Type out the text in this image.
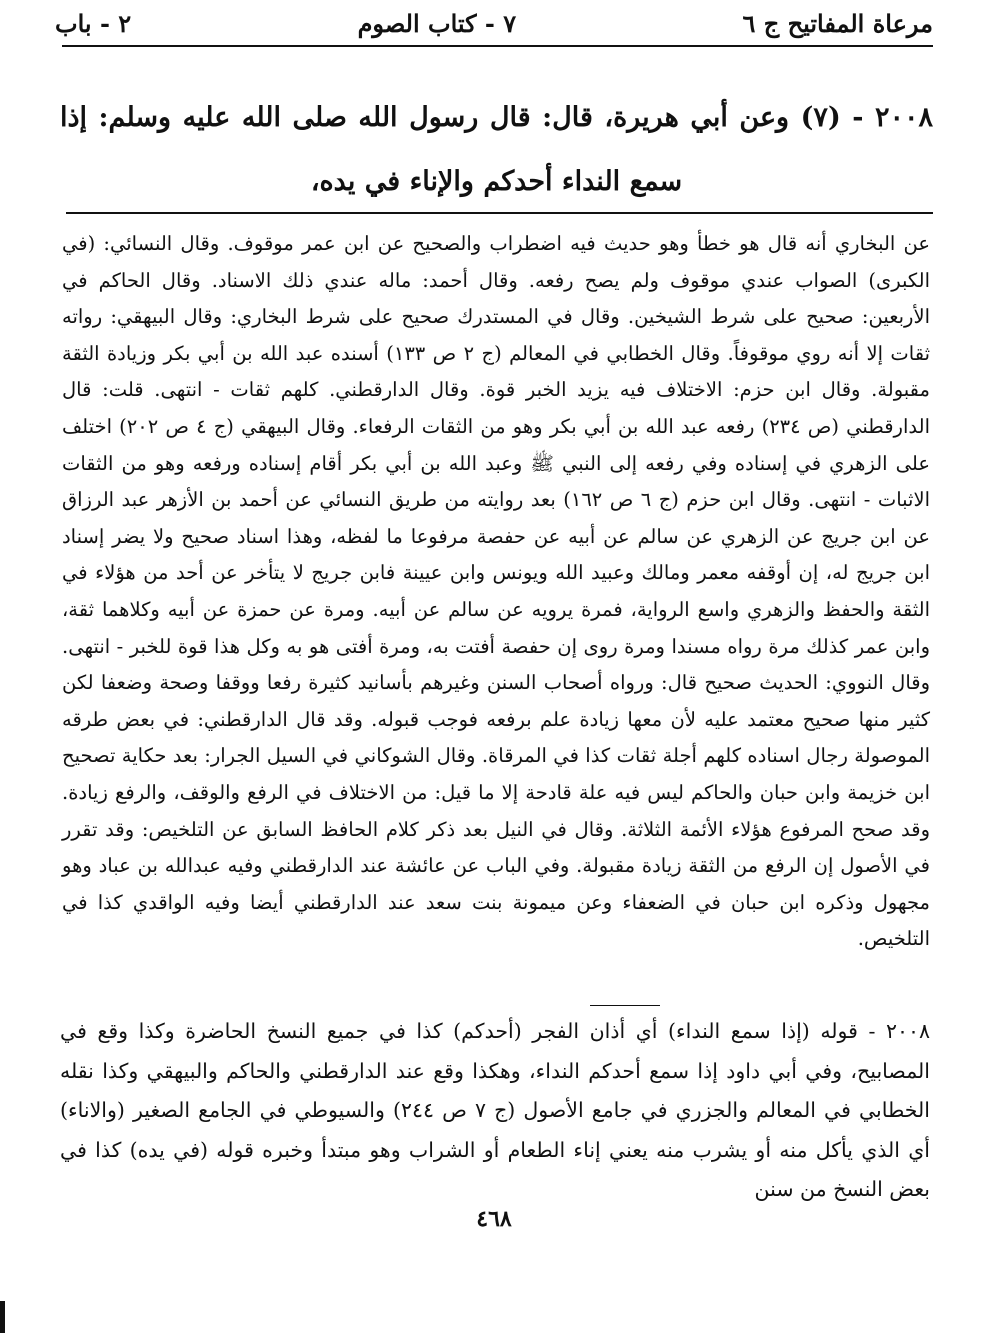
مرعاة المفاتيح ج ٦
٧ - كتاب الصوم
٢ - باب
٢٠٠٨ - (٧) وعن أبي هريرة، قال: قال رسول الله صلى الله عليه وسلم: إذا سمع النداء أحدكم والإناء في يده،

عن البخاري أنه قال هو خطأ وهو حديث فيه اضطراب والصحيح عن ابن عمر موقوف. وقال النسائي: (في الكبرى) الصواب عندي موقوف ولم يصح رفعه. وقال أحمد: ماله عندي ذلك الاسناد. وقال الحاكم في الأربعين: صحيح على شرط الشيخين. وقال في المستدرك صحيح على شرط البخاري: وقال البيهقي: رواته ثقات إلا أنه روي موقوفاً. وقال الخطابي في المعالم (ج ٢ ص ١٣٣) أسنده عبد الله بن أبي بكر وزيادة الثقة مقبولة. وقال ابن حزم: الاختلاف فيه يزيد الخبر قوة. وقال الدارقطني. كلهم ثقات - انتهى. قلت: قال الدارقطني (ص ٢٣٤) رفعه عبد الله بن أبي بكر وهو من الثقات الرفعاء. وقال البيهقي (ج ٤ ص ٢٠٢) اختلف على الزهري في إسناده وفي رفعه إلى النبي ﷺ وعبد الله بن أبي بكر أقام إسناده ورفعه وهو من الثقات الاثبات - انتهى. وقال ابن حزم (ج ٦ ص ١٦٢) بعد روايته من طريق النسائي عن أحمد بن الأزهر عبد الرزاق عن ابن جريج عن الزهري عن سالم عن أبيه عن حفصة مرفوعا ما لفظه، وهذا اسناد صحيح ولا يضر إسناد ابن جريج له، إن أوقفه معمر ومالك وعبيد الله ويونس وابن عيينة فابن جريج لا يتأخر عن أحد من هؤلاء في الثقة والحفظ والزهري واسع الرواية، فمرة يرويه عن سالم عن أبيه. ومرة عن حمزة عن أبيه وكلاهما ثقة، وابن عمر كذلك مرة رواه مسندا ومرة روى إن حفصة أفتت به، ومرة أفتى هو به وكل هذا قوة للخبر - انتهى. وقال النووي: الحديث صحيح قال: ورواه أصحاب السنن وغيرهم بأسانيد كثيرة رفعا ووقفا وصحة وضعفا لكن كثير منها صحيح معتمد عليه لأن معها زيادة علم برفعه فوجب قبوله. وقد قال الدارقطني: في بعض طرقه الموصولة رجال اسناده كلهم أجلة ثقات كذا في المرقاة. وقال الشوكاني في السيل الجرار: بعد حكاية تصحيح ابن خزيمة وابن حبان والحاكم ليس فيه علة قادحة إلا ما قيل: من الاختلاف في الرفع والوقف، والرفع زيادة. وقد صحح المرفوع هؤلاء الأئمة الثلاثة. وقال في النيل بعد ذكر كلام الحافظ السابق عن التلخيص: وقد تقرر في الأصول إن الرفع من الثقة زيادة مقبولة. وفي الباب عن عائشة عند الدارقطني وفيه عبدالله بن عباد وهو مجهول وذكره ابن حبان في الضعفاء وعن ميمونة بنت سعد عند الدارقطني أيضا وفيه الواقدي كذا في التلخيص.

٢٠٠٨ - قوله (إذا سمع النداء) أي أذان الفجر (أحدكم) كذا في جميع النسخ الحاضرة وكذا وقع في المصابيح، وفي أبي داود إذا سمع أحدكم النداء، وهكذا وقع عند الدارقطني والحاكم والبيهقي وكذا نقله الخطابي في المعالم والجزري في جامع الأصول (ج ٧ ص ٢٤٤) والسيوطي في الجامع الصغير (والاناء) أي الذي يأكل منه أو يشرب منه يعني إناء الطعام أو الشراب وهو مبتدأ وخبره قوله (في يده) كذا في بعض النسخ من سنن

٤٦٨
